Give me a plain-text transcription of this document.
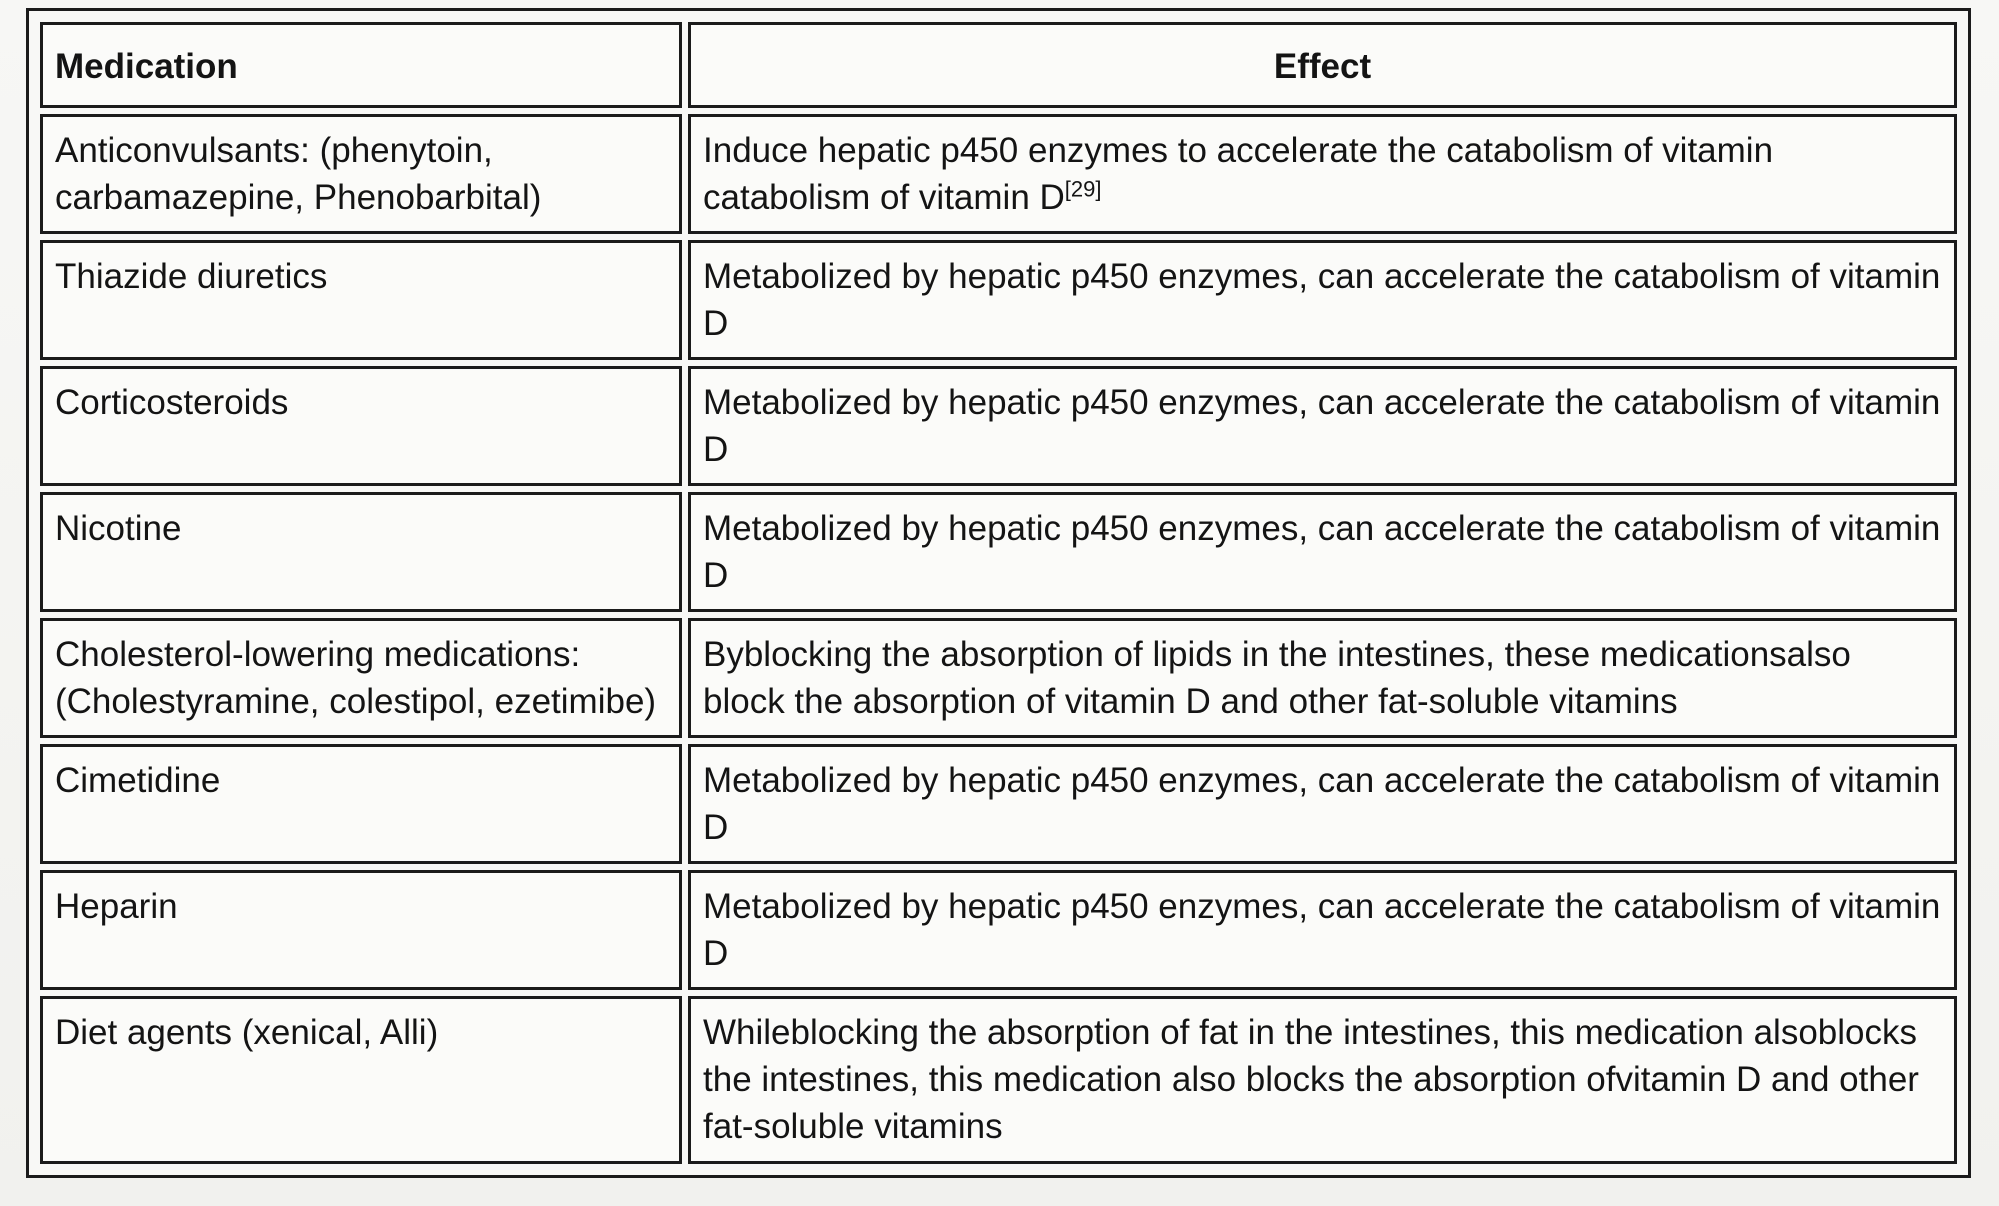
Medication	Effect
Anticonvulsants: (phenytoin, carbamazepine, Phenobarbital)	Induce hepatic p450 enzymes to accelerate the catabolism of vitamin catabolism of vitamin D[29]
Thiazide diuretics	Metabolized by hepatic p450 enzymes, can accelerate the catabolism of vitamin D
Corticosteroids	Metabolized by hepatic p450 enzymes, can accelerate the catabolism of vitamin D
Nicotine	Metabolized by hepatic p450 enzymes, can accelerate the catabolism of vitamin D
Cholesterol-lowering medications: (Cholestyramine, colestipol, ezetimibe)	Byblocking the absorption of lipids in the intestines, these medicationsalso block the absorption of vitamin D and other fat-soluble vitamins
Cimetidine	Metabolized by hepatic p450 enzymes, can accelerate the catabolism of vitamin D
Heparin	Metabolized by hepatic p450 enzymes, can accelerate the catabolism of vitamin D
Diet agents (xenical, Alli)	Whileblocking the absorption of fat in the intestines, this medication alsoblocks the intestines, this medication also blocks the absorption ofvitamin D and other fat-soluble vitamins
